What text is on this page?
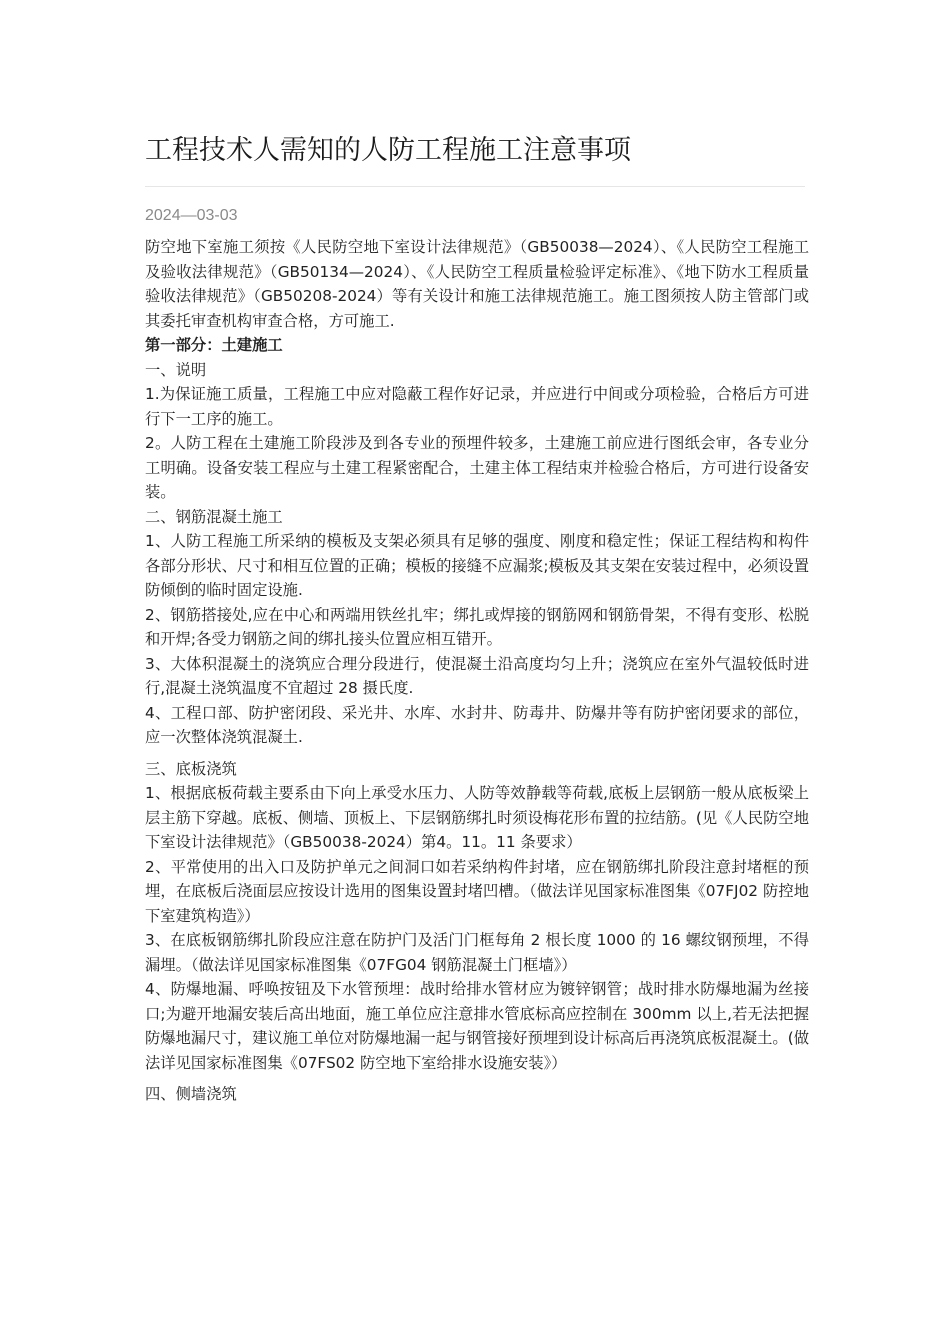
工程技术人需知的人防工程施工注意事项
2024—03-03

防空地下室施工须按《人民防空地下室设计法律规范》（GB50038—2024）、《人民防空工程施工及验收法律规范》（GB50134—2024）、《人民防空工程质量检验评定标准》、《地下防水工程质量验收法律规范》（GB50208-2024）等有关设计和施工法律规范施工。施工图须按人防主管部门或其委托审查机构审查合格，方可施工.

第一部分：土建施工

一、说明

1.为保证施工质量，工程施工中应对隐蔽工程作好记录，并应进行中间或分项检验，合格后方可进行下一工序的施工。

2。人防工程在土建施工阶段涉及到各专业的预埋件较多，土建施工前应进行图纸会审，各专业分工明确。设备安装工程应与土建工程紧密配合，土建主体工程结束并检验合格后，方可进行设备安装。

二、钢筋混凝土施工

1、人防工程施工所采纳的模板及支架必须具有足够的强度、刚度和稳定性；保证工程结构和构件各部分形状、尺寸和相互位置的正确；模板的接缝不应漏浆;模板及其支架在安装过程中，必须设置防倾倒的临时固定设施.

2、钢筋搭接处,应在中心和两端用铁丝扎牢；绑扎或焊接的钢筋网和钢筋骨架，不得有变形、松脱和开焊;各受力钢筋之间的绑扎接头位置应相互错开。

3、大体积混凝土的浇筑应合理分段进行，使混凝土沿高度均匀上升；浇筑应在室外气温较低时进行,混凝土浇筑温度不宜超过 28 摄氏度.

4、工程口部、防护密闭段、采光井、水库、水封井、防毒井、防爆井等有防护密闭要求的部位，应一次整体浇筑混凝土.

三、底板浇筑

1、根据底板荷载主要系由下向上承受水压力、人防等效静载等荷载,底板上层钢筋一般从底板梁上层主筋下穿越。底板、侧墙、顶板上、下层钢筋绑扎时须设梅花形布置的拉结筋。(见《人民防空地下室设计法律规范》（GB50038-2024）第4。11。11 条要求）

2、平常使用的出入口及防护单元之间洞口如若采纳构件封堵，应在钢筋绑扎阶段注意封堵框的预埋，在底板后浇面层应按设计选用的图集设置封堵凹槽。（做法详见国家标准图集《07FJ02 防控地下室建筑构造》）

3、在底板钢筋绑扎阶段应注意在防护门及活门门框每角 2 根长度 1000 的 16 螺纹钢预埋，不得漏埋。（做法详见国家标准图集《07FG04 钢筋混凝土门框墙》）

4、防爆地漏、呼唤按钮及下水管预埋：战时给排水管材应为镀锌钢管；战时排水防爆地漏为丝接口;为避开地漏安装后高出地面，施工单位应注意排水管底标高应控制在 300mm 以上,若无法把握防爆地漏尺寸，建议施工单位对防爆地漏一起与钢管接好预埋到设计标高后再浇筑底板混凝土。(做法详见国家标准图集《07FS02 防空地下室给排水设施安装》）

四、侧墙浇筑
